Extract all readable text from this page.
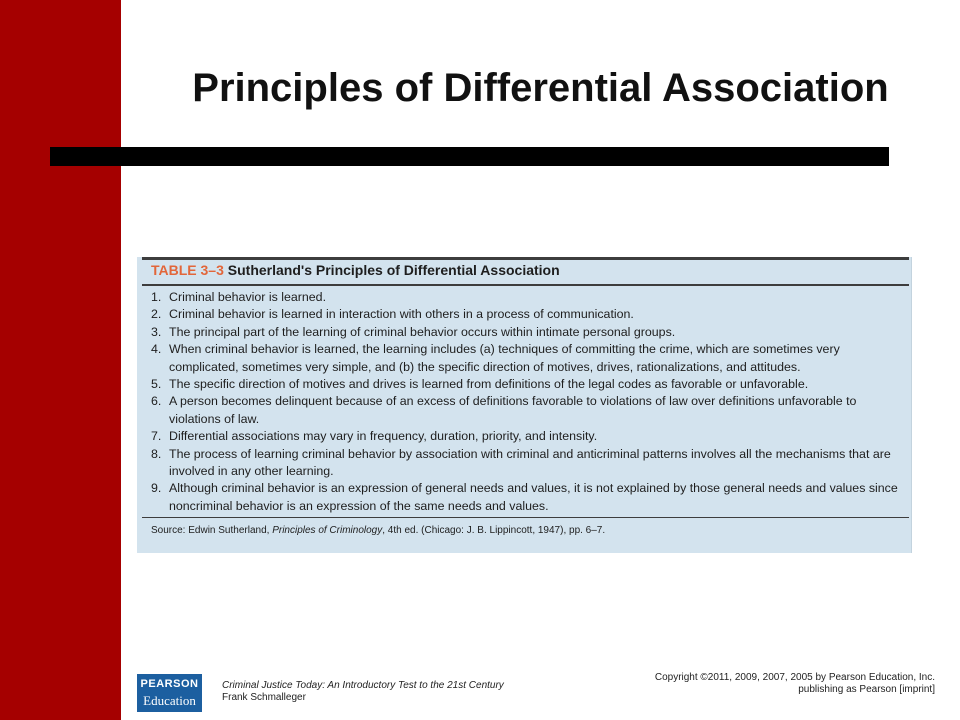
Principles of Differential Association
TABLE 3–3 Sutherland's Principles of Differential Association
1. Criminal behavior is learned.
2. Criminal behavior is learned in interaction with others in a process of communication.
3. The principal part of the learning of criminal behavior occurs within intimate personal groups.
4. When criminal behavior is learned, the learning includes (a) techniques of committing the crime, which are sometimes very complicated, sometimes very simple, and (b) the specific direction of motives, drives, rationalizations, and attitudes.
5. The specific direction of motives and drives is learned from definitions of the legal codes as favorable or unfavorable.
6. A person becomes delinquent because of an excess of definitions favorable to violations of law over definitions unfavorable to violations of law.
7. Differential associations may vary in frequency, duration, priority, and intensity.
8. The process of learning criminal behavior by association with criminal and anticriminal patterns involves all the mechanisms that are involved in any other learning.
9. Although criminal behavior is an expression of general needs and values, it is not explained by those general needs and values since noncriminal behavior is an expression of the same needs and values.
Source: Edwin Sutherland, Principles of Criminology, 4th ed. (Chicago: J. B. Lippincott, 1947), pp. 6–7.
PEARSON
Education
Criminal Justice Today: An Introductory Test to the 21st Century
Frank Schmalleger
Copyright ©2011, 2009, 2007, 2005 by Pearson Education, Inc.
publishing as Pearson [imprint]
